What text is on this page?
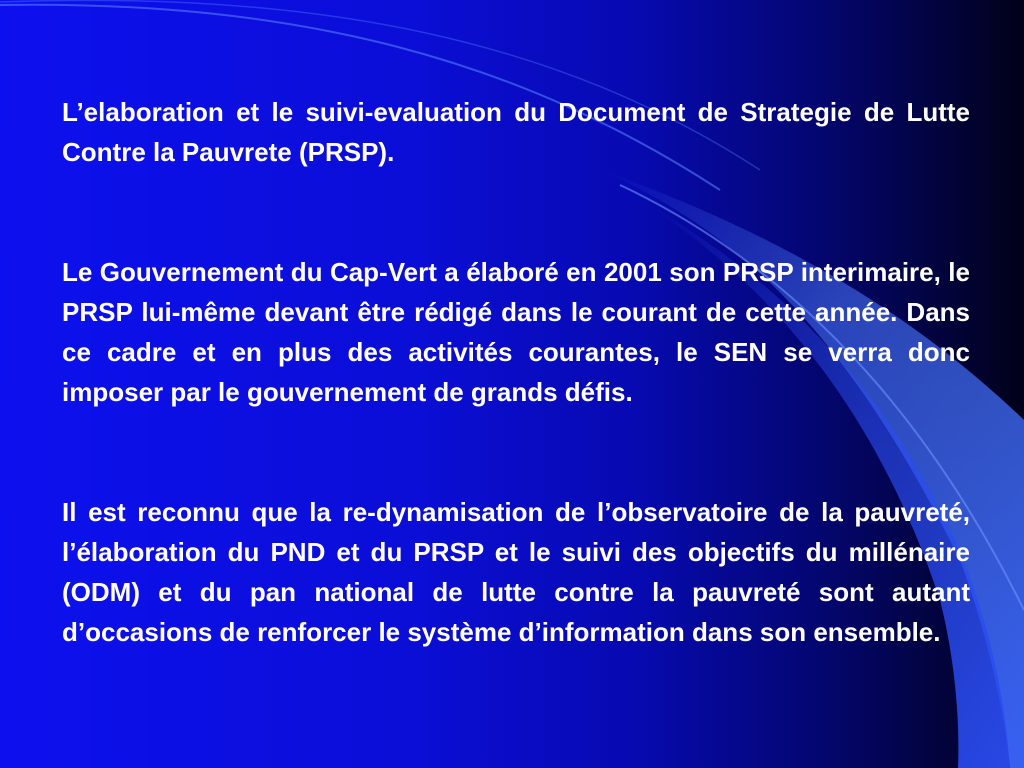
L’elaboration et le suivi-evaluation du Document de Strategie de Lutte Contre la Pauvrete (PRSP).

Le Gouvernement du Cap-Vert a élaboré en 2001 son PRSP interimaire, le PRSP lui-même devant être rédigé dans le courant de cette année. Dans ce cadre et en plus des activités courantes, le SEN se verra donc imposer par le gouvernement de grands défis.

Il est reconnu que la re-dynamisation de l’observatoire de la pauvreté, l’élaboration du PND et du PRSP et le suivi des objectifs du millénaire (ODM) et du pan national de lutte contre la pauvreté sont autant d’occasions de renforcer le système d’information dans son ensemble.
